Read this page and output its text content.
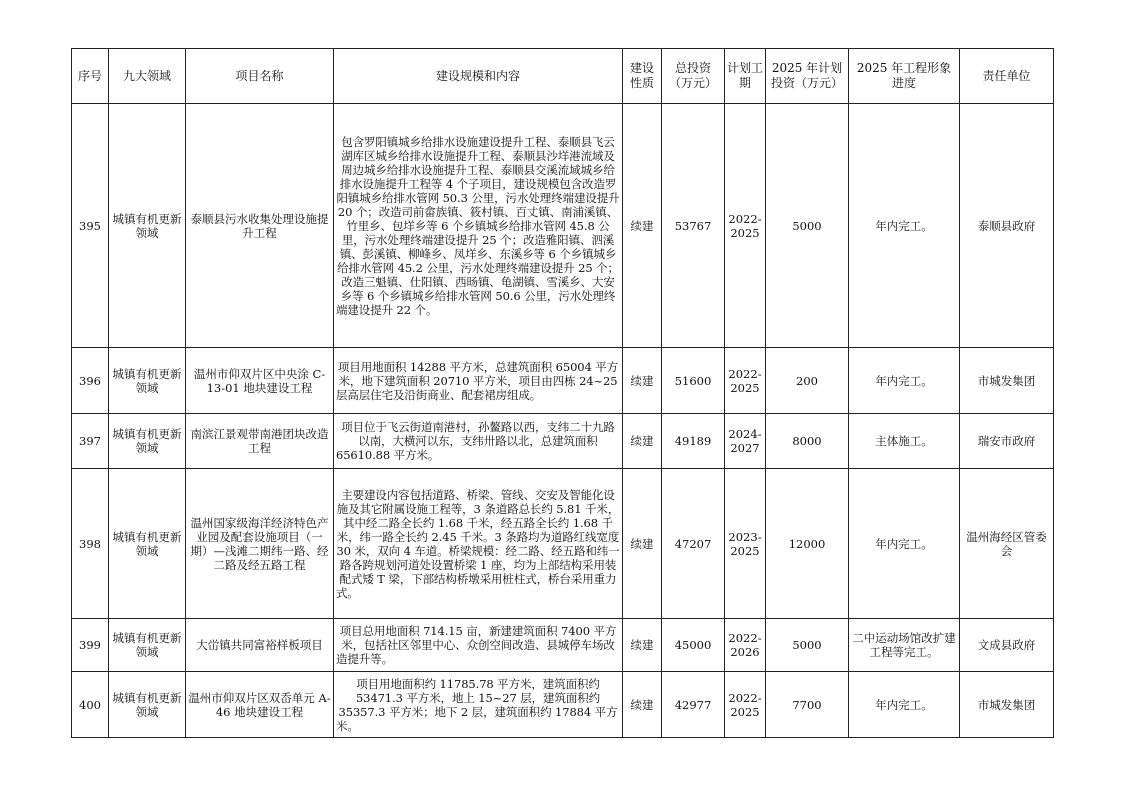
序号	九大领域	项目名称	建设规模和内容	建设性质	总投资（万元）	计划工期	2025 年计划投资（万元）	2025 年工程形象进度	责任单位
395	城镇有机更新领域	泰顺县污水收集处理设施提升工程	包含罗阳镇城乡给排水设施建设提升工程、泰顺县飞云湖库区城乡给排水设施提升工程、泰顺县沙垟港流域及周边城乡给排水设施提升工程、泰顺县交溪流域城乡给排水设施提升工程等 4 个子项目，建设规模包含改造罗阳镇城乡给排水管网 50.3 公里，污水处理终端建设提升 20 个；改造司前畲族镇、筱村镇、百丈镇、南浦溪镇、竹里乡、包垟乡等 6 个乡镇城乡给排水管网 45.8 公里，污水处理终端建设提升 25 个；改造雅阳镇、泗溪镇、彭溪镇、柳峰乡、凤垟乡、东溪乡等 6 个乡镇城乡给排水管网 45.2 公里，污水处理终端建设提升 25 个；改造三魁镇、仕阳镇、西旸镇、龟湖镇、雪溪乡、大安乡等 6 个乡镇城乡给排水管网 50.6 公里，污水处理终端建设提升 22 个。	续建	53767	2022-2025	5000	年内完工。	泰顺县政府
396	城镇有机更新领域	温州市仰双片区中央涂 C-13-01 地块建设工程	项目用地面积 14288 平方米，总建筑面积 65004 平方米，地下建筑面积 20710 平方米，项目由四栋 24~25 层高层住宅及沿街商业、配套裙房组成。	续建	51600	2022-2025	200	年内完工。	市城发集团
397	城镇有机更新领域	南滨江景观带南港团块改造工程	项目位于飞云街道南港村，孙鳌路以西，支纬二十九路以南，大横河以东，支纬卅路以北，总建筑面积 65610.88 平方米。	续建	49189	2024-2027	8000	主体施工。	瑞安市政府
398	城镇有机更新领域	温州国家级海洋经济特色产业园及配套设施项目（一期）—浅滩二期纬一路、经二路及经五路工程	主要建设内容包括道路、桥梁、管线、交安及智能化设施及其它附属设施工程等，3 条道路总长约 5.81 千米，其中经二路全长约 1.68 千米，经五路全长约 1.68 千米，纬一路全长约 2.45 千米。3 条路均为道路红线宽度 30 米，双向 4 车道。桥梁规模：经二路、经五路和纬一路各跨规划河道处设置桥梁 1 座，均为上部结构采用装配式矮 T 梁，下部结构桥墩采用桩柱式，桥台采用重力式。	续建	47207	2023-2025	12000	年内完工。	温州海经区管委会
399	城镇有机更新领域	大峃镇共同富裕样板项目	项目总用地面积 714.15 亩，新建建筑面积 7400 平方米，包括社区邻里中心、众创空间改造、县城停车场改造提升等。	续建	45000	2022-2026	5000	二中运动场馆改扩建工程等完工。	文成县政府
400	城镇有机更新领域	温州市仰双片区双岙单元 A-46 地块建设工程	项目用地面积约 11785.78 平方米，建筑面积约 53471.3 平方米，地上 15~27 层，建筑面积约 35357.3 平方米；地下 2 层，建筑面积约 17884 平方米。	续建	42977	2022-2025	7700	年内完工。	市城发集团
